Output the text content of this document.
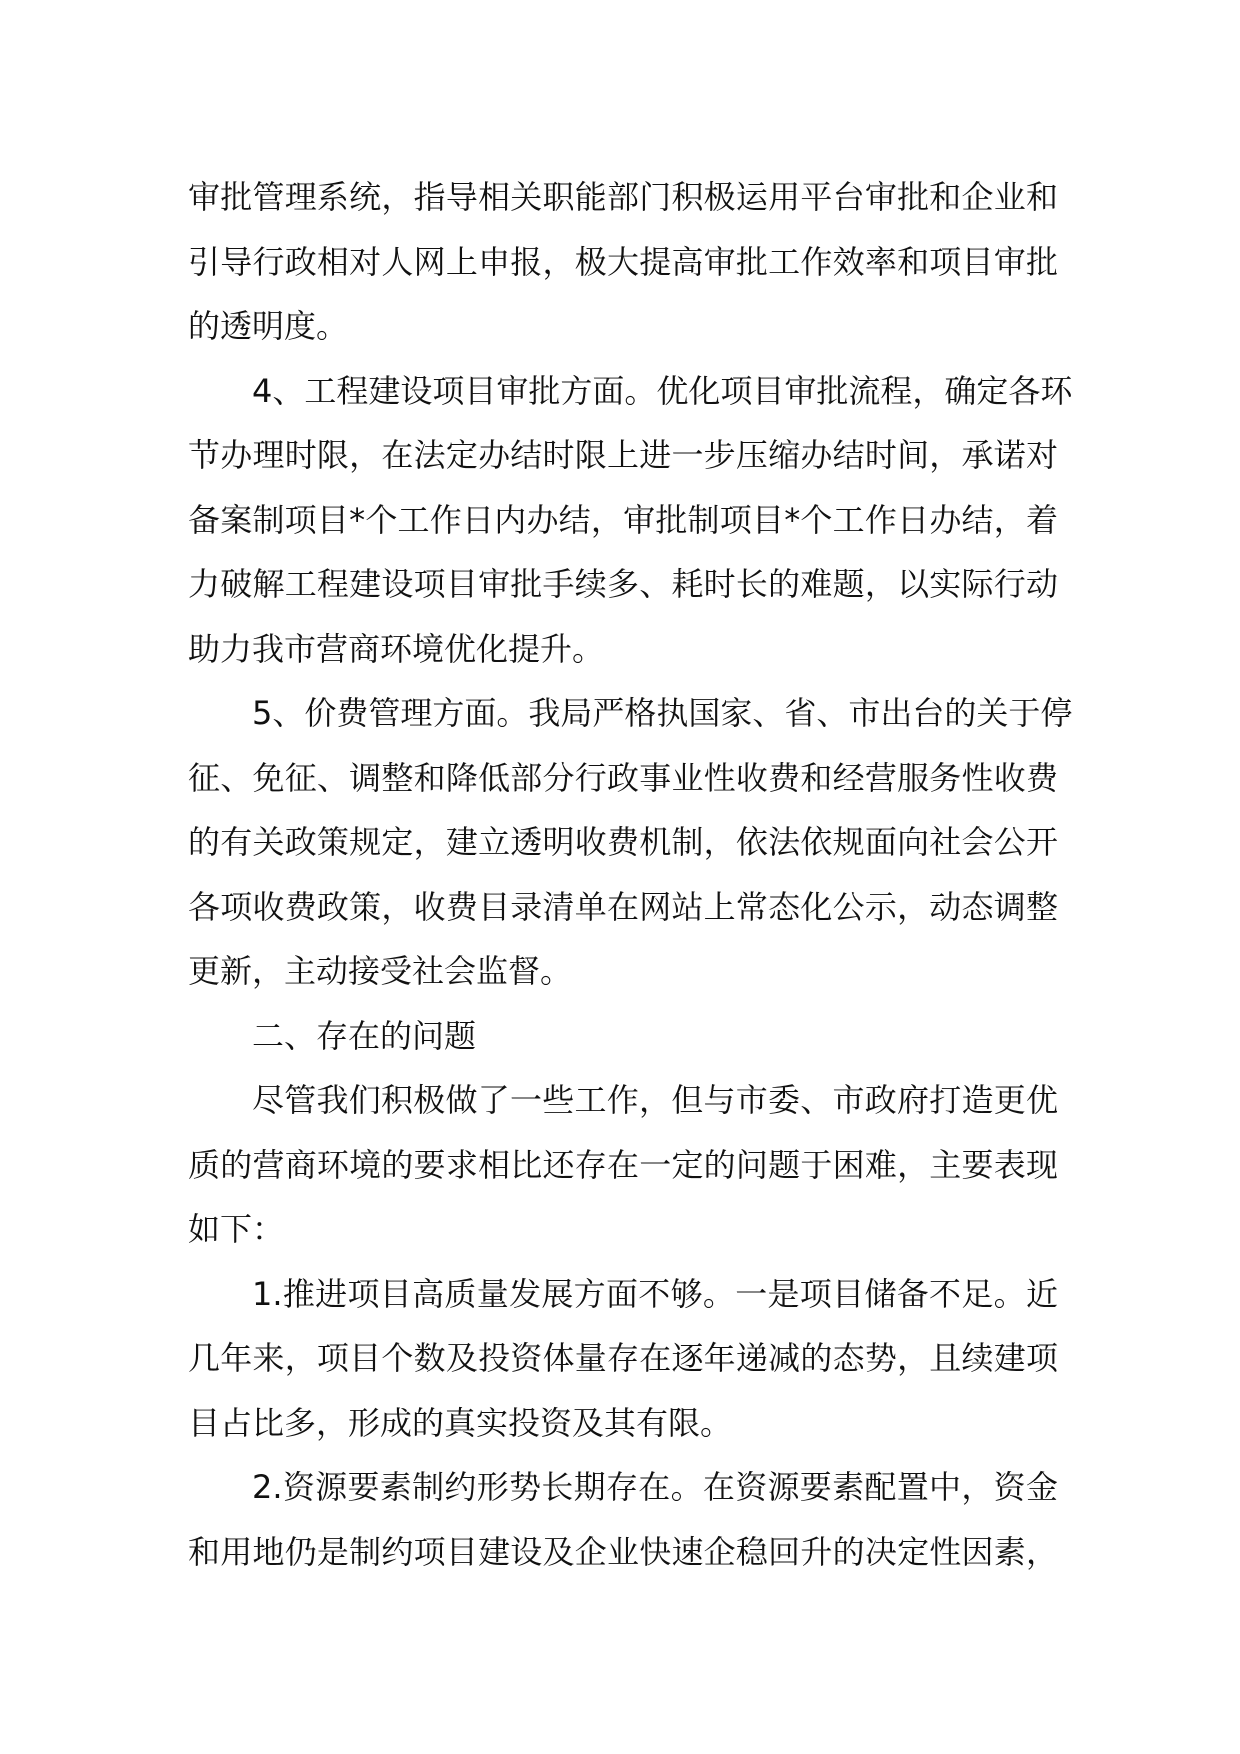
审批管理系统，指导相关职能部门积极运用平台审批和企业和
引导行政相对人网上申报，极大提高审批工作效率和项目审批
的透明度。
4、工程建设项目审批方面。优化项目审批流程，确定各环
节办理时限，在法定办结时限上进一步压缩办结时间，承诺对
备案制项目*个工作日内办结，审批制项目*个工作日办结，着
力破解工程建设项目审批手续多、耗时长的难题，以实际行动
助力我市营商环境优化提升。
5、价费管理方面。我局严格执国家、省、市出台的关于停
征、免征、调整和降低部分行政事业性收费和经营服务性收费
的有关政策规定，建立透明收费机制，依法依规面向社会公开
各项收费政策，收费目录清单在网站上常态化公示，动态调整
更新，主动接受社会监督。
二、存在的问题
尽管我们积极做了一些工作，但与市委、市政府打造更优
质的营商环境的要求相比还存在一定的问题于困难，主要表现
如下：
1.推进项目高质量发展方面不够。一是项目储备不足。近
几年来，项目个数及投资体量存在逐年递减的态势，且续建项
目占比多，形成的真实投资及其有限。
2.资源要素制约形势长期存在。在资源要素配置中，资金
和用地仍是制约项目建设及企业快速企稳回升的决定性因素，
